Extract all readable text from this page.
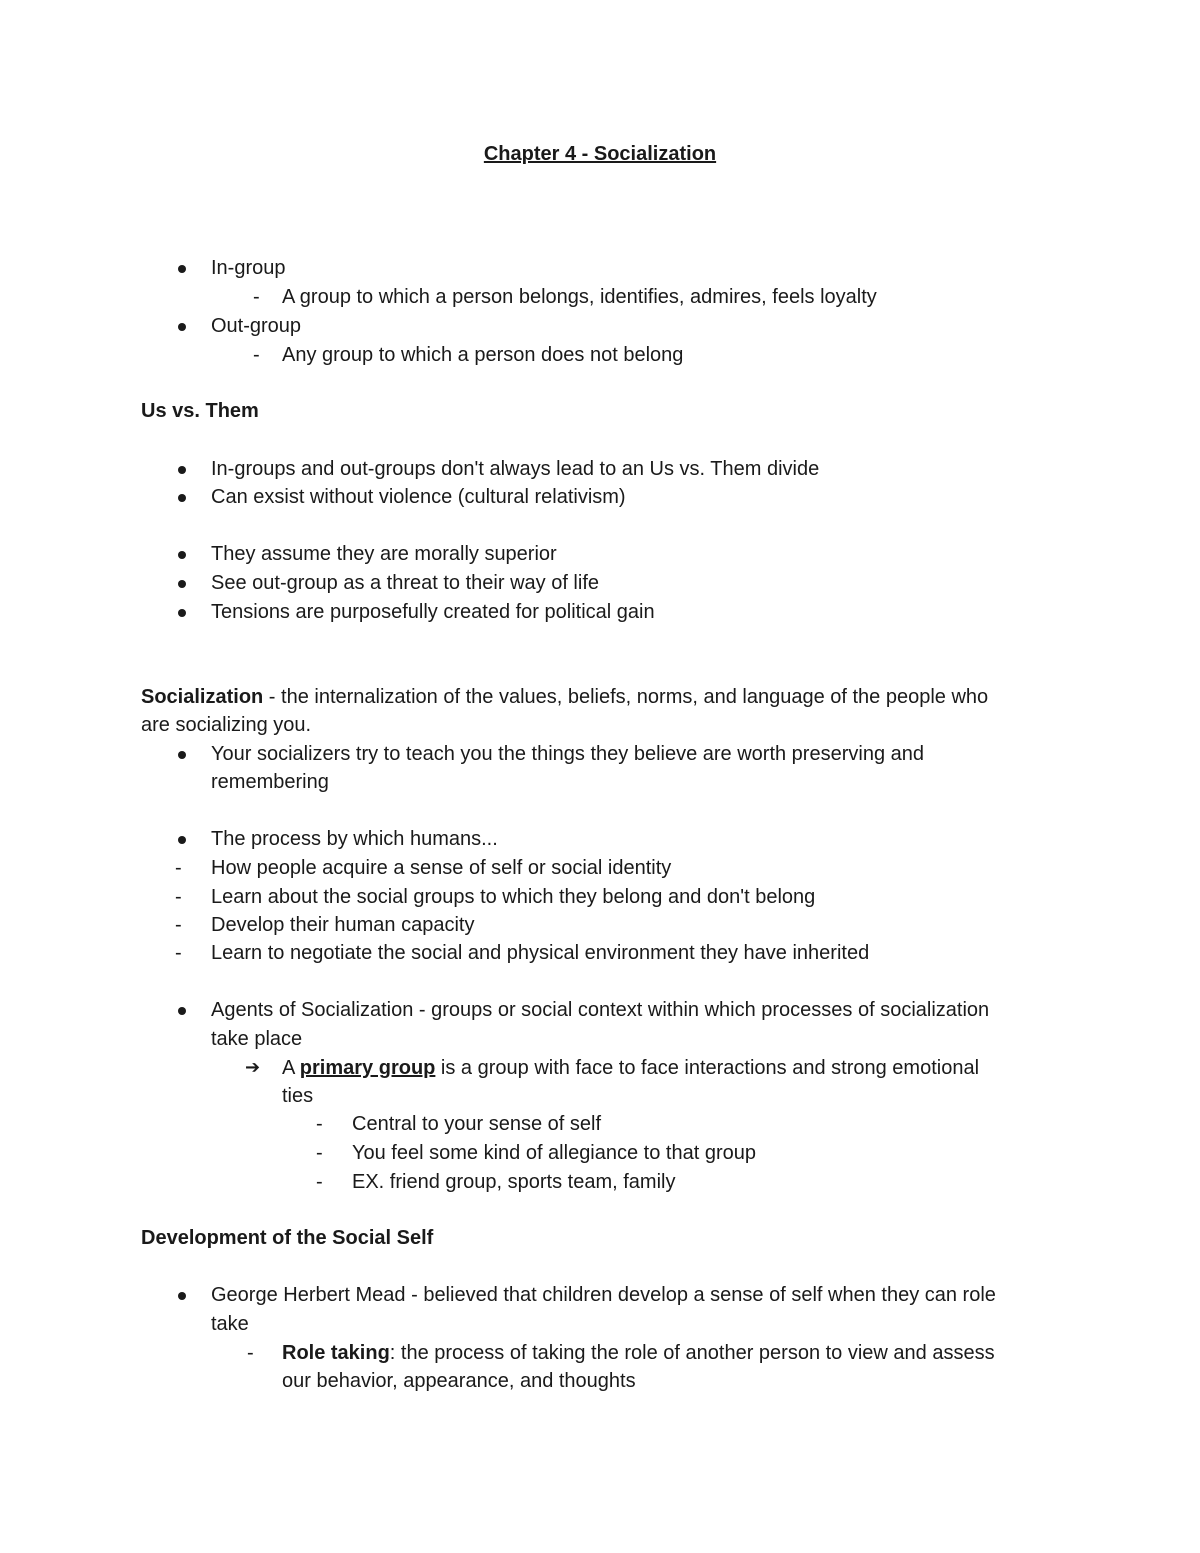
Chapter 4 - Socialization
In-group
- A group to which a person belongs, identifies, admires, feels loyalty
Out-group
- Any group to which a person does not belong
Us vs. Them
In-groups and out-groups don't always lead to an Us vs. Them divide
Can exsist without violence (cultural relativism)
They assume they are morally superior
See out-group as a threat to their way of life
Tensions are purposefully created for political gain
Socialization - the internalization of the values, beliefs, norms, and language of the people who
are socializing you.
Your socializers try to teach you the things they believe are worth preserving and
remembering
The process by which humans...
- How people acquire a sense of self or social identity
- Learn about the social groups to which they belong and don't belong
- Develop their human capacity
- Learn to negotiate the social and physical environment they have inherited
Agents of Socialization - groups or social context within which processes of socialization
take place
➔ A primary group is a group with face to face interactions and strong emotional
ties
- Central to your sense of self
- You feel some kind of allegiance to that group
- EX. friend group, sports team, family
Development of the Social Self
George Herbert Mead - believed that children develop a sense of self when they can role
take
- Role taking: the process of taking the role of another person to view and assess
our behavior, appearance, and thoughts
